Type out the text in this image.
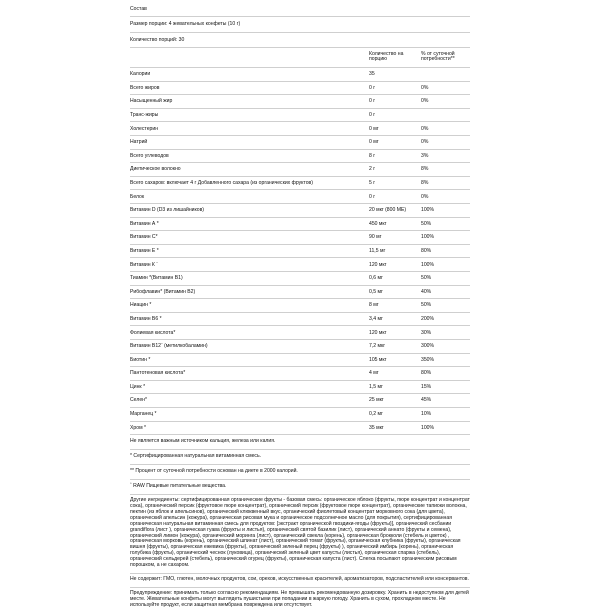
Состав
Размер порции: 4 жевательных конфеты (10 г)
Количество порций: 30
Количество на порцию
% от суточной потребности**
Калории	35
Всего жиров	0 г	0%
Насыщенный жир	0 г	0%
Транс-жиры	0 г
Холестерин	0 мг	0%
Натрий	0 мг	0%
Всего углеводов	8 г	3%
Диетическое волокно	2 г	8%
Всего сахаров: включает 4 г Добавленного сахара (из органических фруктов)	5 г	8%
Белок	0 г	0%
Витамин D (D3 из лишайников)	20 мкг (800 МЕ)	100%
Витамин А *	450 мкг	50%
Витамин С*	90 мг	100%
Витамин Е *	11,5 мг	80%
Витамин К ˆ	120 мкг	100%
Тиамин *(Витамин В1)	0,6 мг	50%
Рибофлавин* (Витамин В2)	0,5 мг	40%
Ниацин *	8 мг	50%
Витамин В6 *	3,4 мг	200%
Фолиевая кислота*	120 мкг	30%
Витамин В12ˆ (метилкобаламин)	7,2 мкг	300%
Биотин *	105 мкг	350%
Пантотеновая кислота*	4 мг	80%
Цинк *	1,5 мг	15%
Селен*	25 мкг	45%
Марганец *	0,2 мг	10%
Хром *	35 мкг	100%
Не является важным источником кальция, железа или калия.
* Сертифицированная натуральная витаминная смесь.
** Процент от суточной потребности основан на диете в 2000 калорий.
ˆ RAW Пищевые питательные вещества.
Другие ингредиенты: сертифицированная органические фрукты - базовая смесь: органическое яблоко (фрукты, пюре концентрат и концентрат сока), органический персик (фруктовое пюре концентрат), органический персик (фруктовое пюре концентрат), органические тапиоки волокна, пектин (из яблок и апельсинов), органический клюквенный вкус, органический фиолетовый концентрат морковного сока (для цвета), органический апельсин (кожура), органическая рисовая мука и органическое подсолнечное масло (для покрытия), сертифицированная органическая натуральная витаминная смесь для продуктов: [экстракт органической гвоздики-ягоды (фрукты)], органический сесбании grandiflora (лист ), органическая гуава (фрукты и листья), органический святой базилик (лист), органический аннато (фрукты и семена), органический лимон (кожура), органический моринга (лист), органический свекла (корень), органическая брокколи (стебель и цветок) , органическая морковь (корень), органический шпинат (лист), органический томат (фрукты), органическая клубника (фрукты), органическая вишня (фрукты), органическая ежевика (фрукты), органический зеленый перец (фрукты) ), органический имбирь (корень), органическая голубика (фрукты), органический чеснок (луковица), органический зеленый цвет капусты (листья), органическая спаржа (стебель), органический сельдерей (стебель), органический огурец (фрукты), органическая капуста (лист). Слегка посыпают органическим рисовым порошком, а не сахаром.
Не содержит: ГМО, глютен, молочных продуктов, сои, орехов, искусственных красителей, ароматизаторов, подсластителей или консервантов.
Предупреждение: принимать только согласно рекомендациям. Не превышать рекомендованную дозировку. Хранить в недоступном для детей месте. Жевательные конфеты могут выглядеть пушистыми при попадании в жаркую погоду. Хранить в сухом, прохладном месте. Не используйте продукт, если защитная мембрана повреждена или отсутствует.
